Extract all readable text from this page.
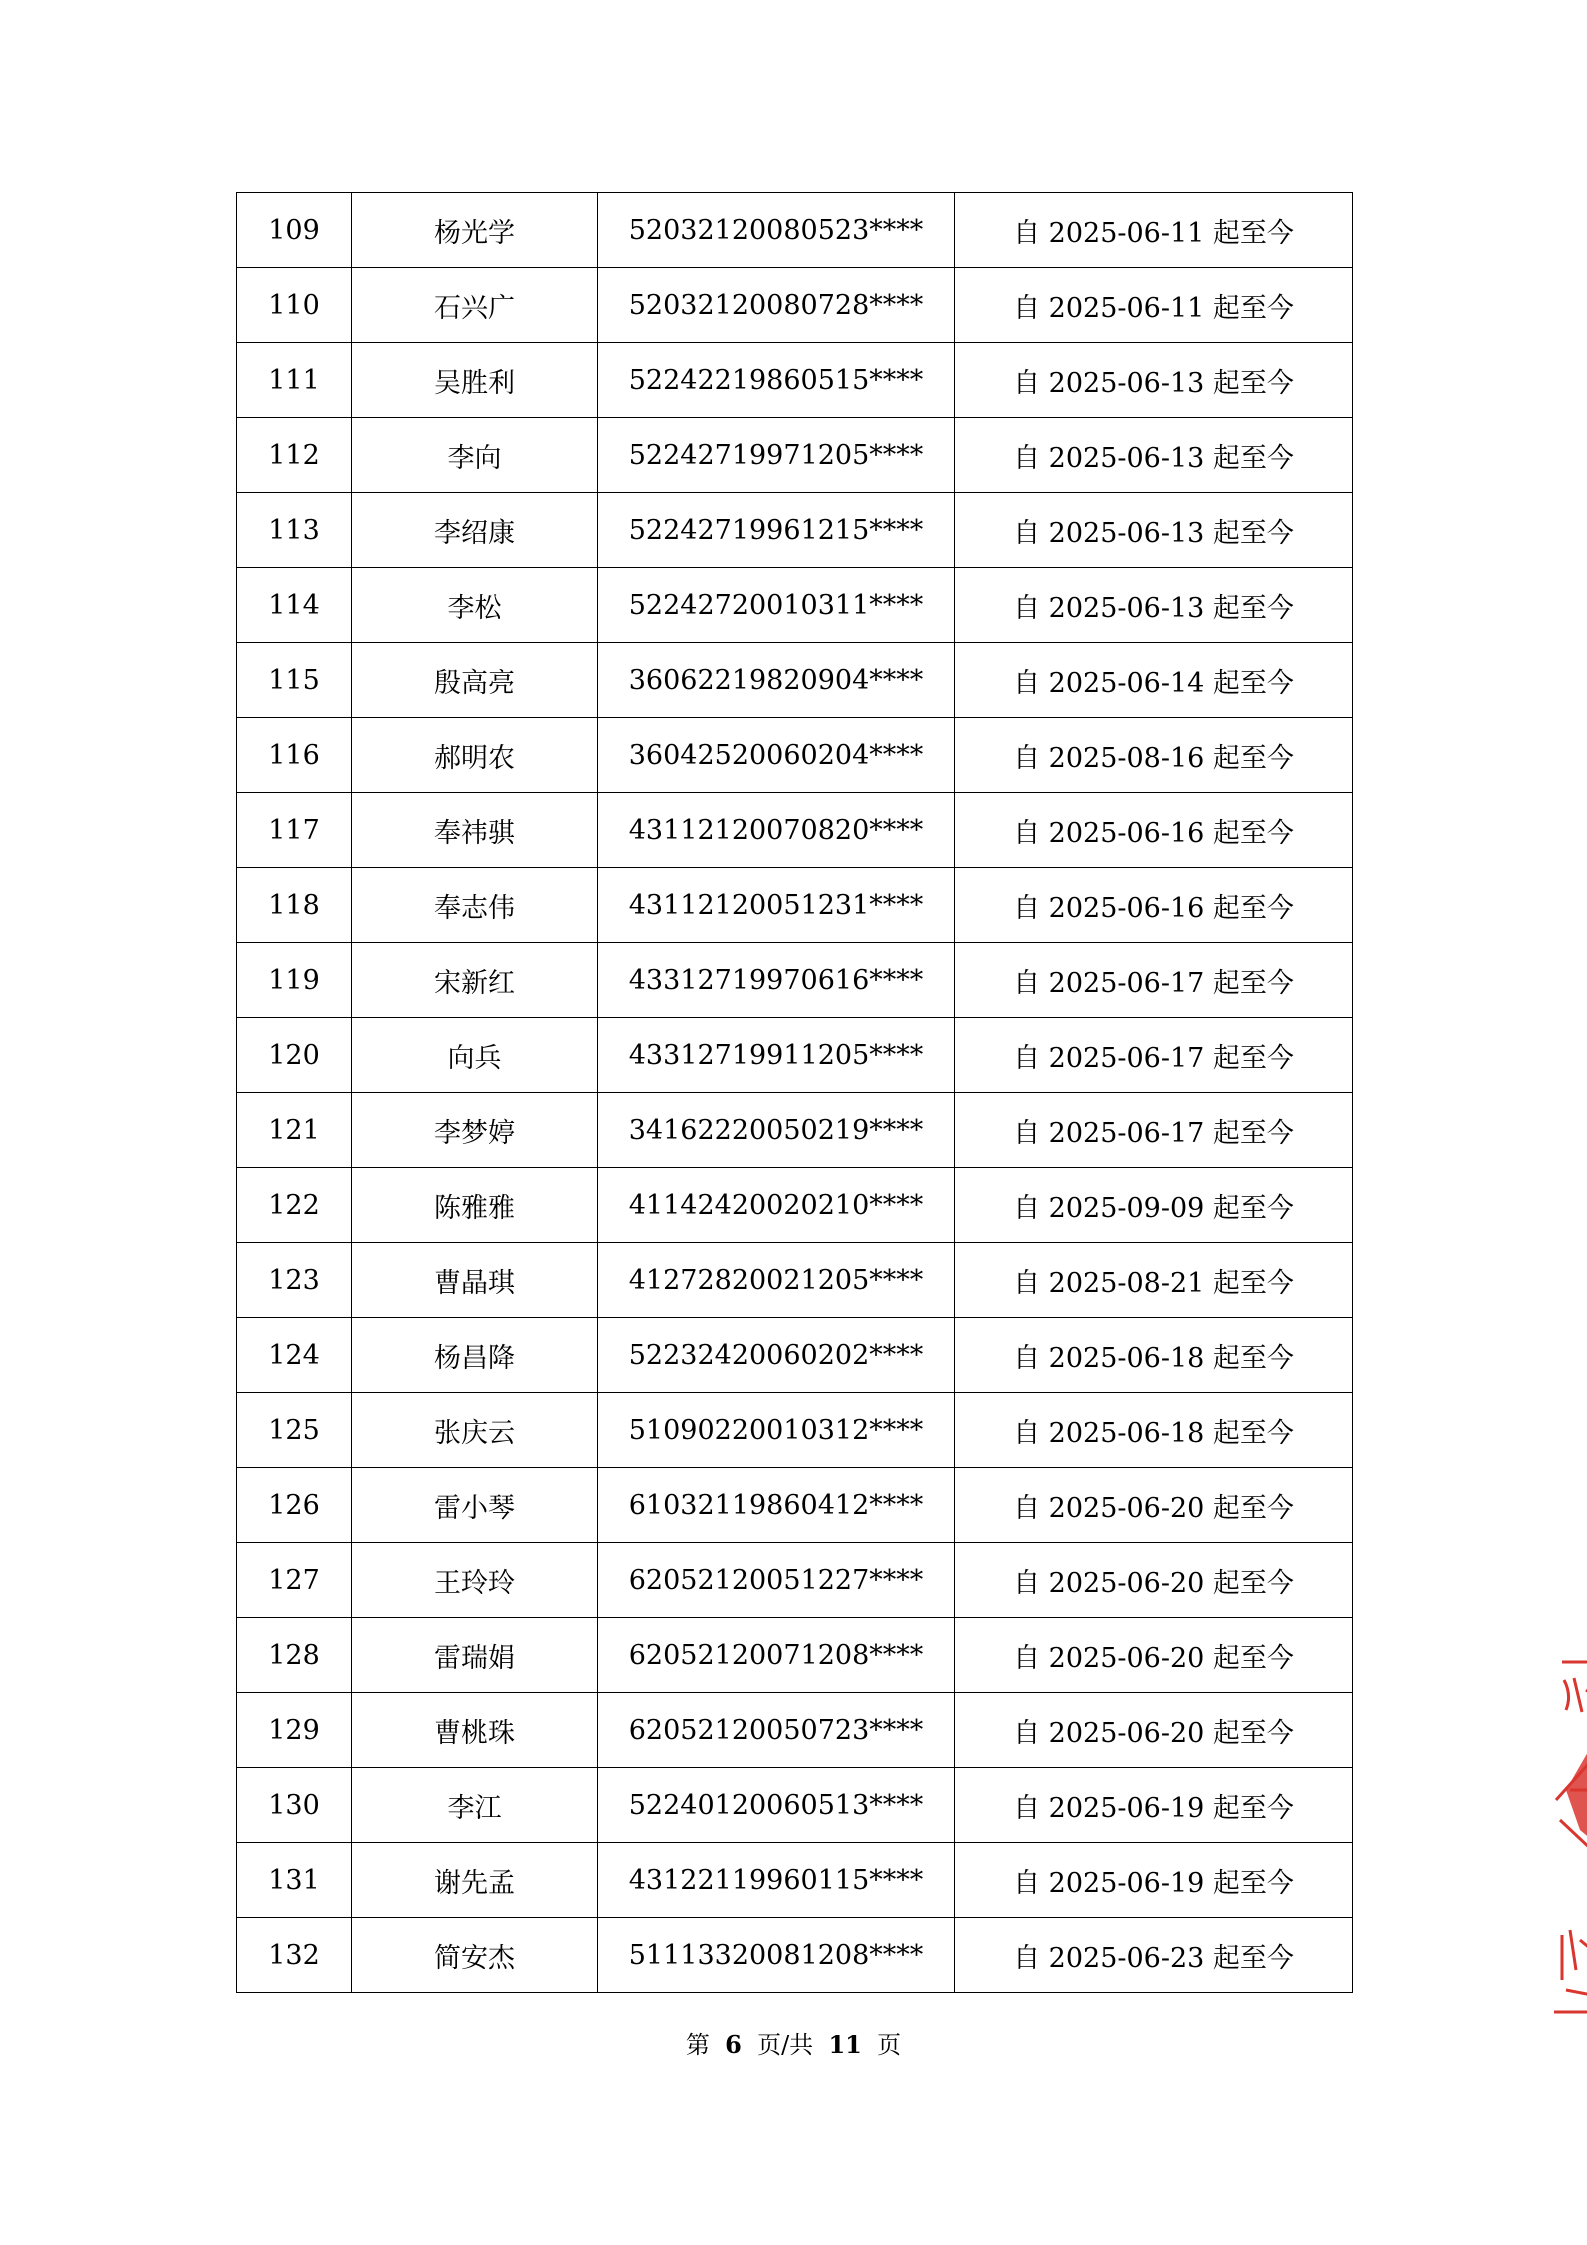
109	杨光学	52032120080523****	自 2025-06-11 起至今
110	石兴广	52032120080728****	自 2025-06-11 起至今
111	吴胜利	52242219860515****	自 2025-06-13 起至今
112	李向	52242719971205****	自 2025-06-13 起至今
113	李绍康	52242719961215****	自 2025-06-13 起至今
114	李松	52242720010311****	自 2025-06-13 起至今
115	殷高亮	36062219820904****	自 2025-06-14 起至今
116	郝明农	36042520060204****	自 2025-08-16 起至今
117	奉祎骐	43112120070820****	自 2025-06-16 起至今
118	奉志伟	43112120051231****	自 2025-06-16 起至今
119	宋新红	43312719970616****	自 2025-06-17 起至今
120	向兵	43312719911205****	自 2025-06-17 起至今
121	李梦婷	34162220050219****	自 2025-06-17 起至今
122	陈雅雅	41142420020210****	自 2025-09-09 起至今
123	曹晶琪	41272820021205****	自 2025-08-21 起至今
124	杨昌降	52232420060202****	自 2025-06-18 起至今
125	张庆云	51090220010312****	自 2025-06-18 起至今
126	雷小琴	61032119860412****	自 2025-06-20 起至今
127	王玲玲	62052120051227****	自 2025-06-20 起至今
128	雷瑞娟	62052120071208****	自 2025-06-20 起至今
129	曹桃珠	62052120050723****	自 2025-06-20 起至今
130	李江	52240120060513****	自 2025-06-19 起至今
131	谢先孟	43122119960115****	自 2025-06-19 起至今
132	简安杰	51113320081208****	自 2025-06-23 起至今
第 6 页/共 11 页
